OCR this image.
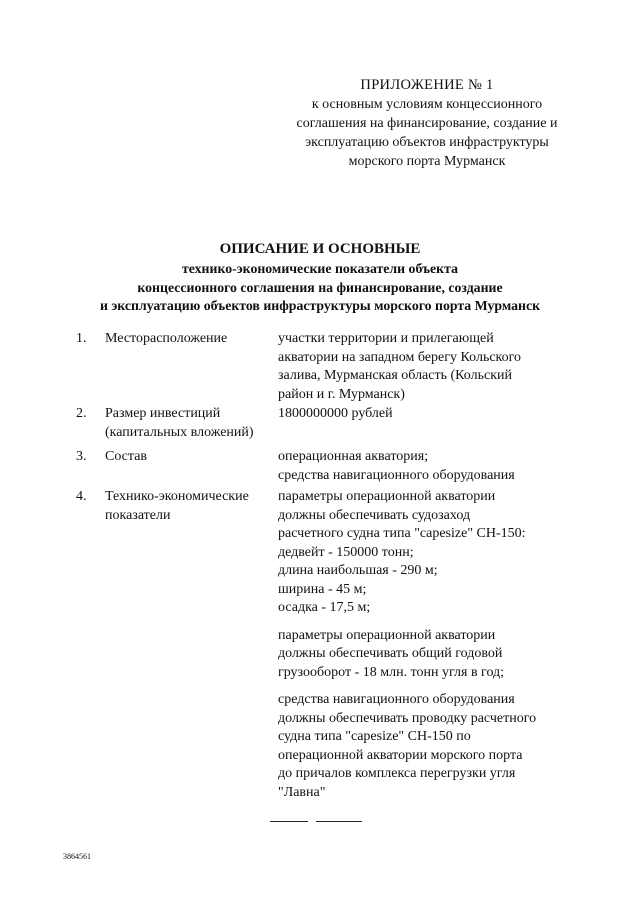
ПРИЛОЖЕНИЕ № 1
к основным условиям концессионного
соглашения на финансирование, создание и
эксплуатацию объектов инфраструктуры
морского порта Мурманск
ОПИСАНИЕ И ОСНОВНЫЕ
технико-экономические показатели объекта
концессионного соглашения на финансирование, создание
и эксплуатацию объектов инфраструктуры морского порта Мурманск
1. Месторасположение	участки территории и прилегающей
акватории на западном берегу Кольского
залива, Мурманская область (Кольский
район и г. Мурманск)

2. Размер инвестиций
(капитальных вложений)

1800000000 рублей

3. Состав	операционная акватория;
средства навигационного оборудования

4. Технико-экономические
показатели

параметры операционной акватории
должны обеспечивать судозаход
расчетного судна типа "capesize" СН-150:
дедвейт - 150000 тонн;
длина наибольшая - 290 м;
ширина - 45 м;
осадка - 17,5 м;

параметры операционной акватории
должны обеспечивать общий годовой
грузооборот - 18 млн. тонн угля в год;

средства навигационного оборудования
должны обеспечивать проводку расчетного
судна типа "capesize" СН-150 по
операционной акватории морского порта
до причалов комплекса перегрузки угля
"Лавна"

3864561
